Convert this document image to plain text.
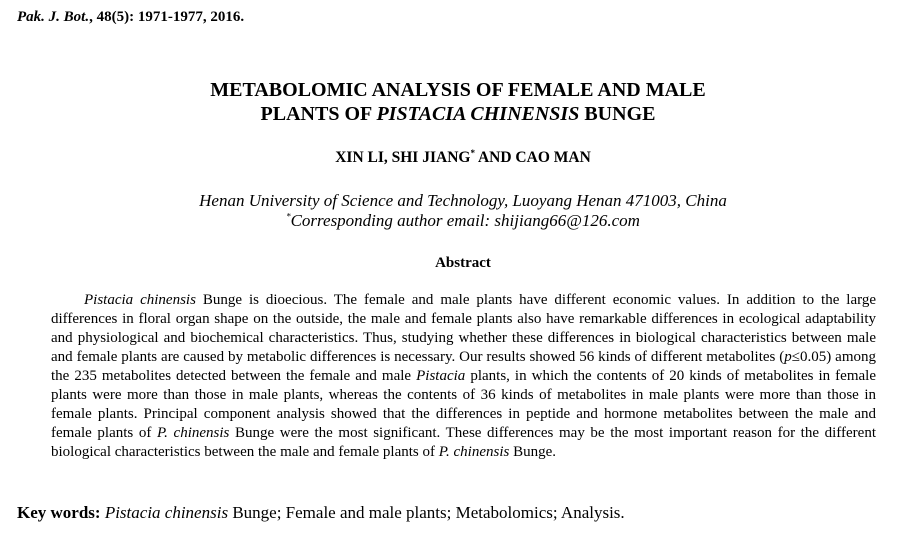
Pak. J. Bot., 48(5): 1971-1977, 2016.
METABOLOMIC ANALYSIS OF FEMALE AND MALE
PLANTS OF PISTACIA CHINENSIS BUNGE
XIN LI, SHI JIANG* AND CAO MAN
Henan University of Science and Technology, Luoyang Henan 471003, China
*Corresponding author email: shijiang66@126.com
Abstract
Pistacia chinensis Bunge is dioecious. The female and male plants have different economic values. In addition to the large differences in floral organ shape on the outside, the male and female plants also have remarkable differences in ecological adaptability and physiological and biochemical characteristics. Thus, studying whether these differences in biological characteristics between male and female plants are caused by metabolic differences is necessary. Our results showed 56 kinds of different metabolites (p≤0.05) among the 235 metabolites detected between the female and male Pistacia plants, in which the contents of 20 kinds of metabolites in female plants were more than those in male plants, whereas the contents of 36 kinds of metabolites in male plants were more than those in female plants. Principal component analysis showed that the differences in peptide and hormone metabolites between the male and female plants of P. chinensis Bunge were the most significant. These differences may be the most important reason for the different biological characteristics between the male and female plants of P. chinensis Bunge.
Key words: Pistacia chinensis Bunge; Female and male plants; Metabolomics; Analysis.
